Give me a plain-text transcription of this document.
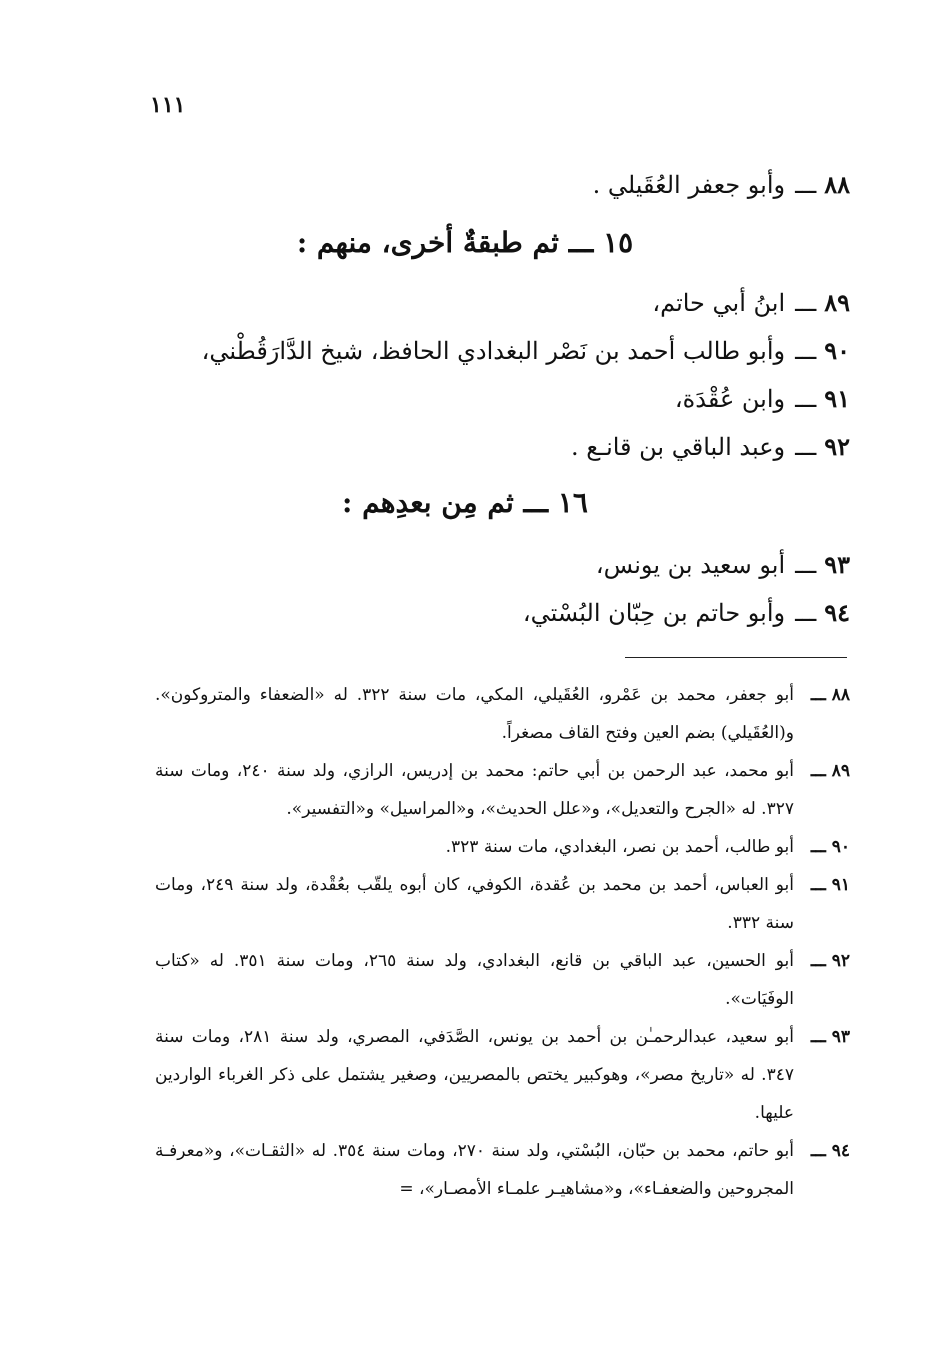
١١١
٨٨ـــوأبو جعفر العُقَيلي .
١٥ ـــ ثم طبقةٌ أخرى، منهم :
٨٩ـــابنُ أبي حاتم،
٩٠ـــوأبو طالب أحمد بن نَصْر البغدادي الحافظ، شيخ الدَّارَقُطْني،
٩١ـــوابن عُقْدَة،
٩٢ـــوعبد الباقي بن قانـع .
١٦ ـــ ثم مِن بعدِهم :
٩٣ـــأبو سعيد بن يونس،
٩٤ـــوأبو حاتم بن حِبّان البُسْتي،
٨٨ ـــ
أبو جعفر، محمد بن عَمْرو، العُقَيلي، المكي، مات سنة ٣٢٢. له «الضعفاء والمتروكون». و(العُقَيلي) بضم العين وفتح القاف مصغراً.
٨٩ ـــ
أبو محمد، عبد الرحمن بن أبي حاتم: محمد بن إدريس، الرازي، ولد سنة ٢٤٠، ومات سنة ٣٢٧. له «الجرح والتعديل»، و«علل الحديث»، و«المراسيل» و«التفسير».
٩٠ ـــ
أبو طالب، أحمد بن نصر، البغدادي، مات سنة ٣٢٣.
٩١ ـــ
أبو العباس، أحمد بن محمد بن عُقدة، الكوفي، كان أبوه يلقّب بعُقْدة، ولد سنة ٢٤٩، ومات سنة ٣٣٢.
٩٢ ـــ
أبو الحسين، عبد الباقي بن قانع، البغدادي، ولد سنة ٢٦٥، ومات سنة ٣٥١. له «كتاب الوفَيَات».
٩٣ ـــ
أبو سعيد، عبدالرحمـٰن بن أحمد بن يونس، الصَّدَفي، المصري، ولد سنة ٢٨١، ومات سنة ٣٤٧. له «تاريخ مصر»، وهوكبير يختص بالمصريين، وصغير يشتمل على ذكر الغرباء الواردين عليها.
٩٤ ـــ
أبو حاتم، محمد بن حبّان، البُسْتي، ولد سنة ٢٧٠، ومات سنة ٣٥٤. له «الثقـات»، و«معرفـة المجروحين والضعفـاء»، و«مشاهيـر علمـاء الأمصـار»، =
